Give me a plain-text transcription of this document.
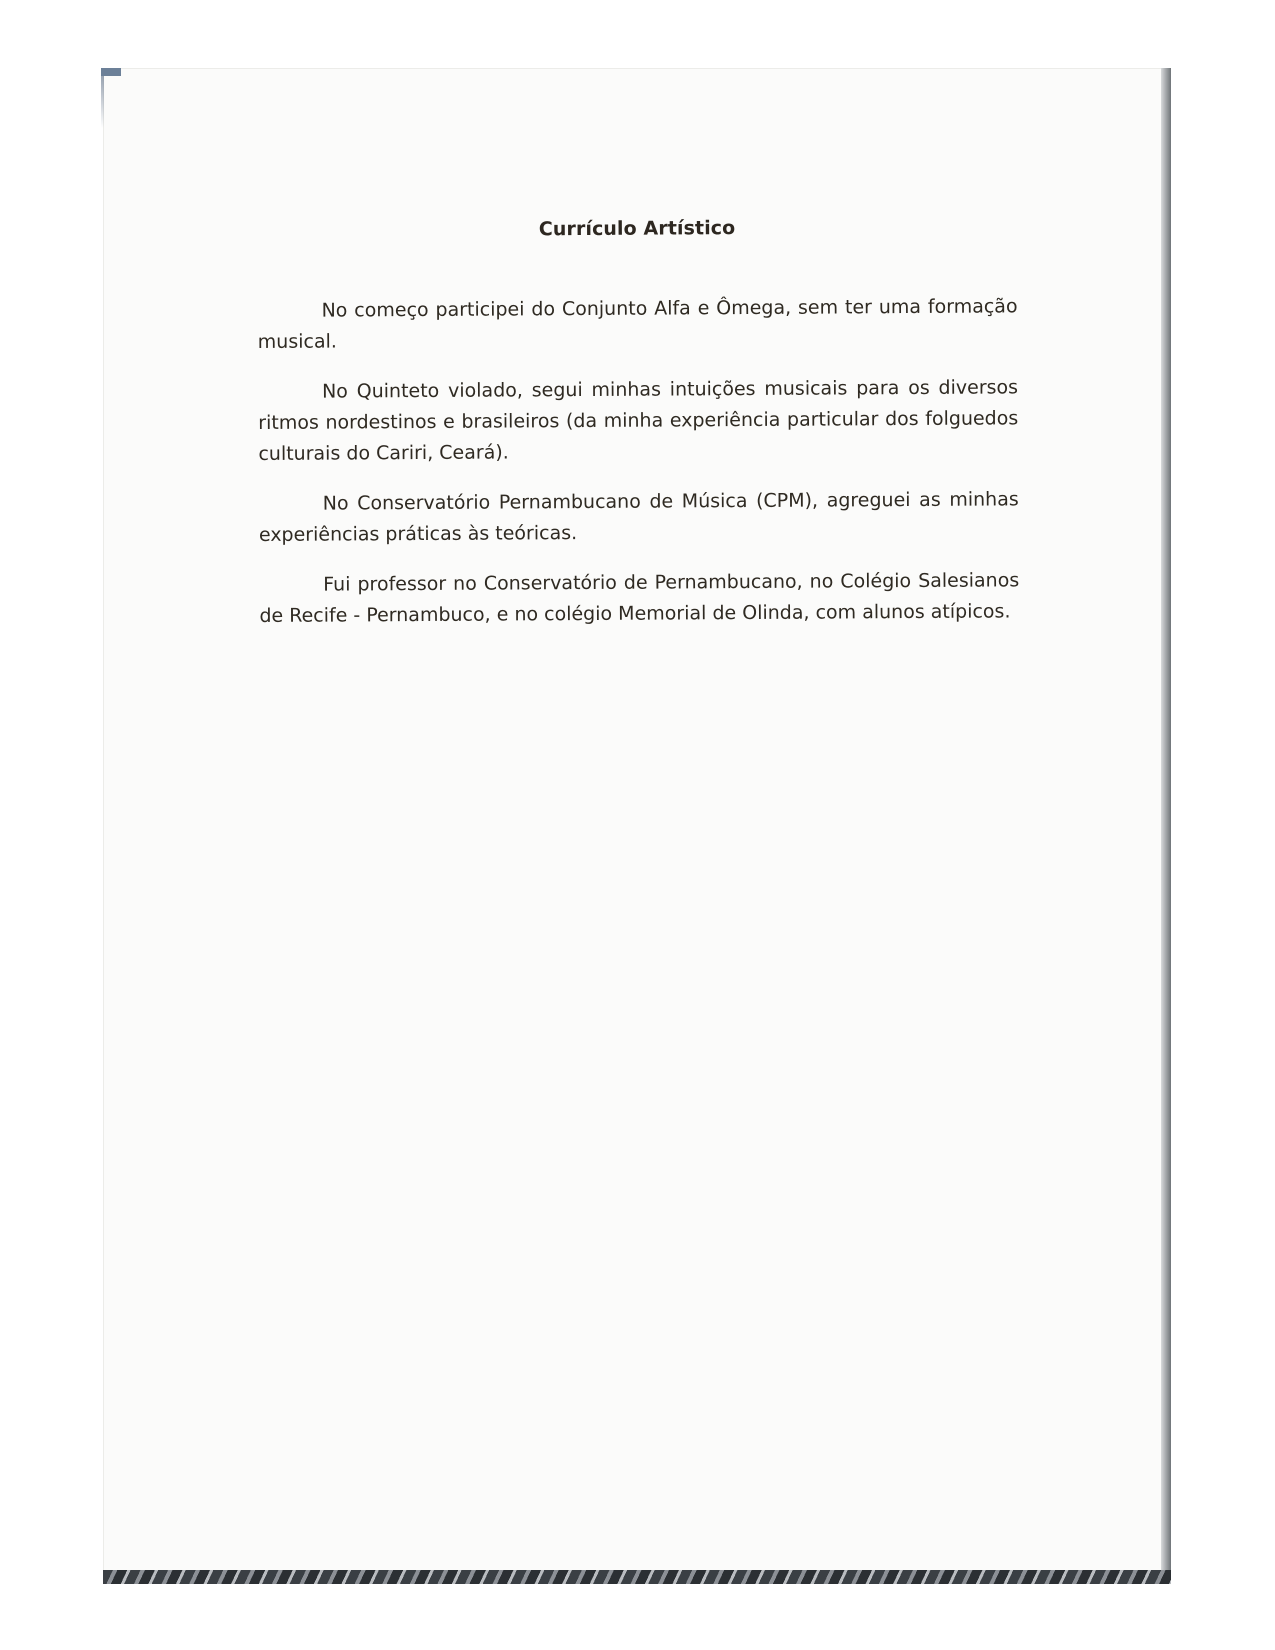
Currículo Artístico

No começo participei do Conjunto Alfa e Ômega, sem ter uma formação musical.

No Quinteto violado, segui minhas intuições musicais para os diversos ritmos nordestinos e brasileiros (da minha experiência particular dos folguedos culturais do Cariri, Ceará).

No Conservatório Pernambucano de Música (CPM), agreguei as minhas experiências práticas às teóricas.

Fui professor no Conservatório de Pernambucano, no Colégio Salesianos de Recife - Pernambuco, e no colégio Memorial de Olinda, com alunos atípicos.
